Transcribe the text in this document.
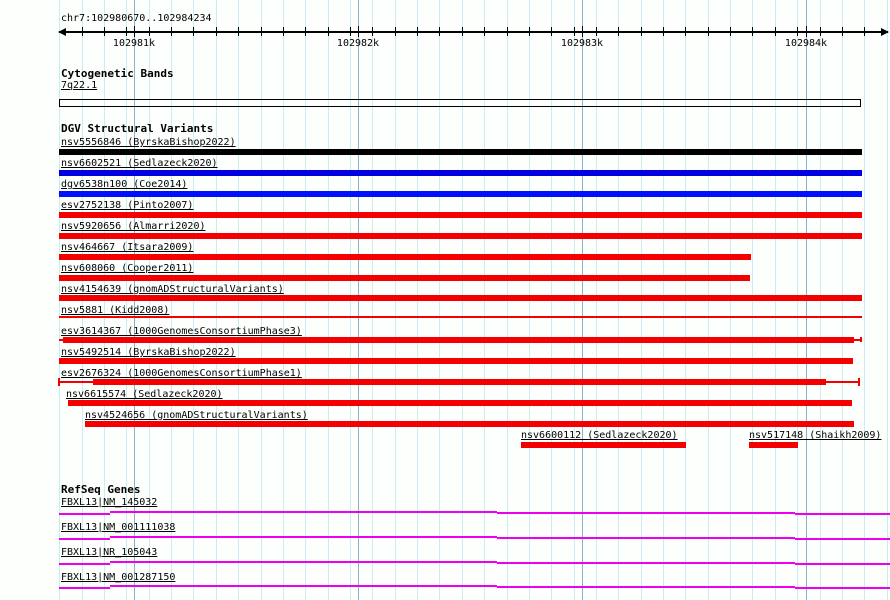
102981k	102982k	102983k	102984k
nsv5556846 (ByrskaBishop2022)
nsv6602521 (Sedlazeck2020)
dgv6538n100 (Coe2014)
esv2752138 (Pinto2007)
nsv5920656 (Almarri2020)
nsv464667 (Itsara2009)
nsv608060 (Cooper2011)
nsv4154639 (gnomADStructuralVariants)
nsv5881 (Kidd2008)
esv3614367 (1000GenomesConsortiumPhase3)
nsv5492514 (ByrskaBishop2022)
esv2676324 (1000GenomesConsortiumPhase1)
nsv6615574 (Sedlazeck2020)
nsv4524656 (gnomADStructuralVariants)
nsv6600112 (Sedlazeck2020)	nsv517148 (Shaikh2009)
FBXL13|NM_145032
FBXL13|NM_001111038
FBXL13|NR_105043
FBXL13|NM_001287150
chr7:102980670..102984234
Cytogenetic Bands
7q22.1
DGV Structural Variants
RefSeq Genes
